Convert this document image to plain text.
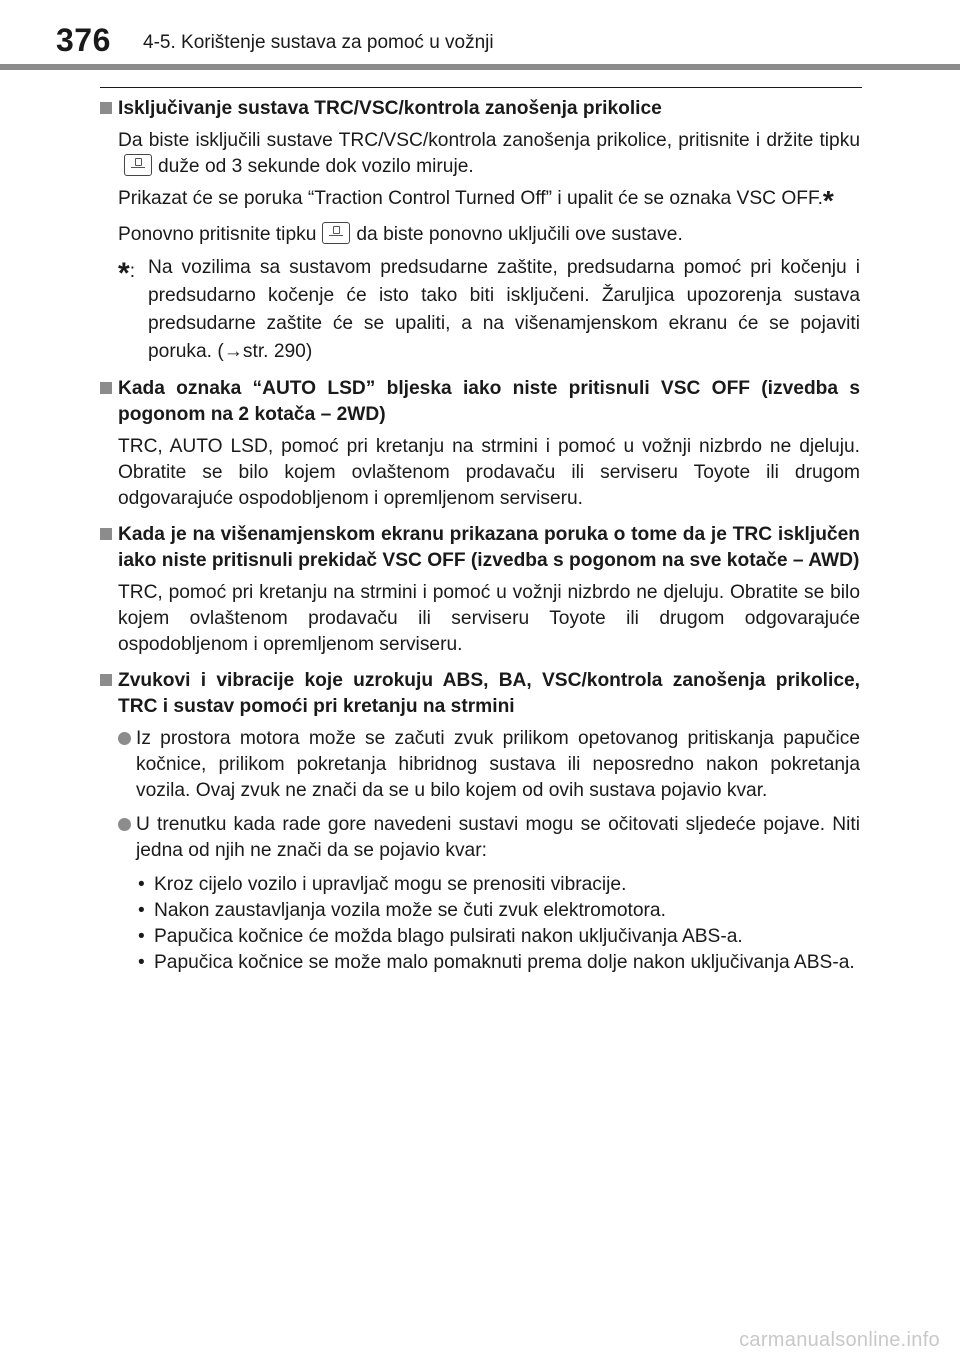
376 4-5. Korištenje sustava za pomoć u vožnji
Isključivanje sustava TRC/VSC/kontrola zanošenja prikolice
Da biste isključili sustave TRC/VSC/kontrola zanošenja prikolice, pritisnite i držite tipku
duže od 3 sekunde dok vozilo miruje.
Prikazat će se poruka “Traction Control Turned Off” i upalit će se oznaka VSC OFF.*
Ponovno pritisnite tipku da biste ponovno uključili ove sustave.
*: Na vozilima sa sustavom predsudarne zaštite, predsudarna pomoć pri kočenju i predsudarno kočenje će isto tako biti isključeni. Žaruljica upozorenja sustava predsudarne zaštite će se upaliti, a na višenamjenskom ekranu će se pojaviti poruka. (→str. 290)
Kada oznaka “AUTO LSD” bljeska iako niste pritisnuli VSC OFF (izvedba s pogonom na 2 kotača – 2WD)
TRC, AUTO LSD, pomoć pri kretanju na strmini i pomoć u vožnji nizbrdo ne djeluju. Obratite se bilo kojem ovlaštenom prodavaču ili serviseru Toyote ili drugom odgovarajuće ospodobljenom i opremljenom serviseru.
Kada je na višenamjenskom ekranu prikazana poruka o tome da je TRC isključen iako niste pritisnuli prekidač VSC OFF (izvedba s pogonom na sve kotače – AWD)
TRC, pomoć pri kretanju na strmini i pomoć u vožnji nizbrdo ne djeluju. Obratite se bilo kojem ovlaštenom prodavaču ili serviseru Toyote ili drugom odgovarajuće ospodobljenom i opremljenom serviseru.
Zvukovi i vibracije koje uzrokuju ABS, BA, VSC/kontrola zanošenja prikolice, TRC i sustav pomoći pri kretanju na strmini
Iz prostora motora može se začuti zvuk prilikom opetovanog pritiskanja papučice kočnice, prilikom pokretanja hibridnog sustava ili neposredno nakon pokretanja vozila. Ovaj zvuk ne znači da se u bilo kojem od ovih sustava pojavio kvar.
U trenutku kada rade gore navedeni sustavi mogu se očitovati sljedeće pojave. Niti jedna od njih ne znači da se pojavio kvar:
• Kroz cijelo vozilo i upravljač mogu se prenositi vibracije.
• Nakon zaustavljanja vozila može se čuti zvuk elektromotora.
• Papučica kočnice će možda blago pulsirati nakon uključivanja ABS-a.
• Papučica kočnice se može malo pomaknuti prema dolje nakon uključivanja ABS-a.
carmanualsonline.info
